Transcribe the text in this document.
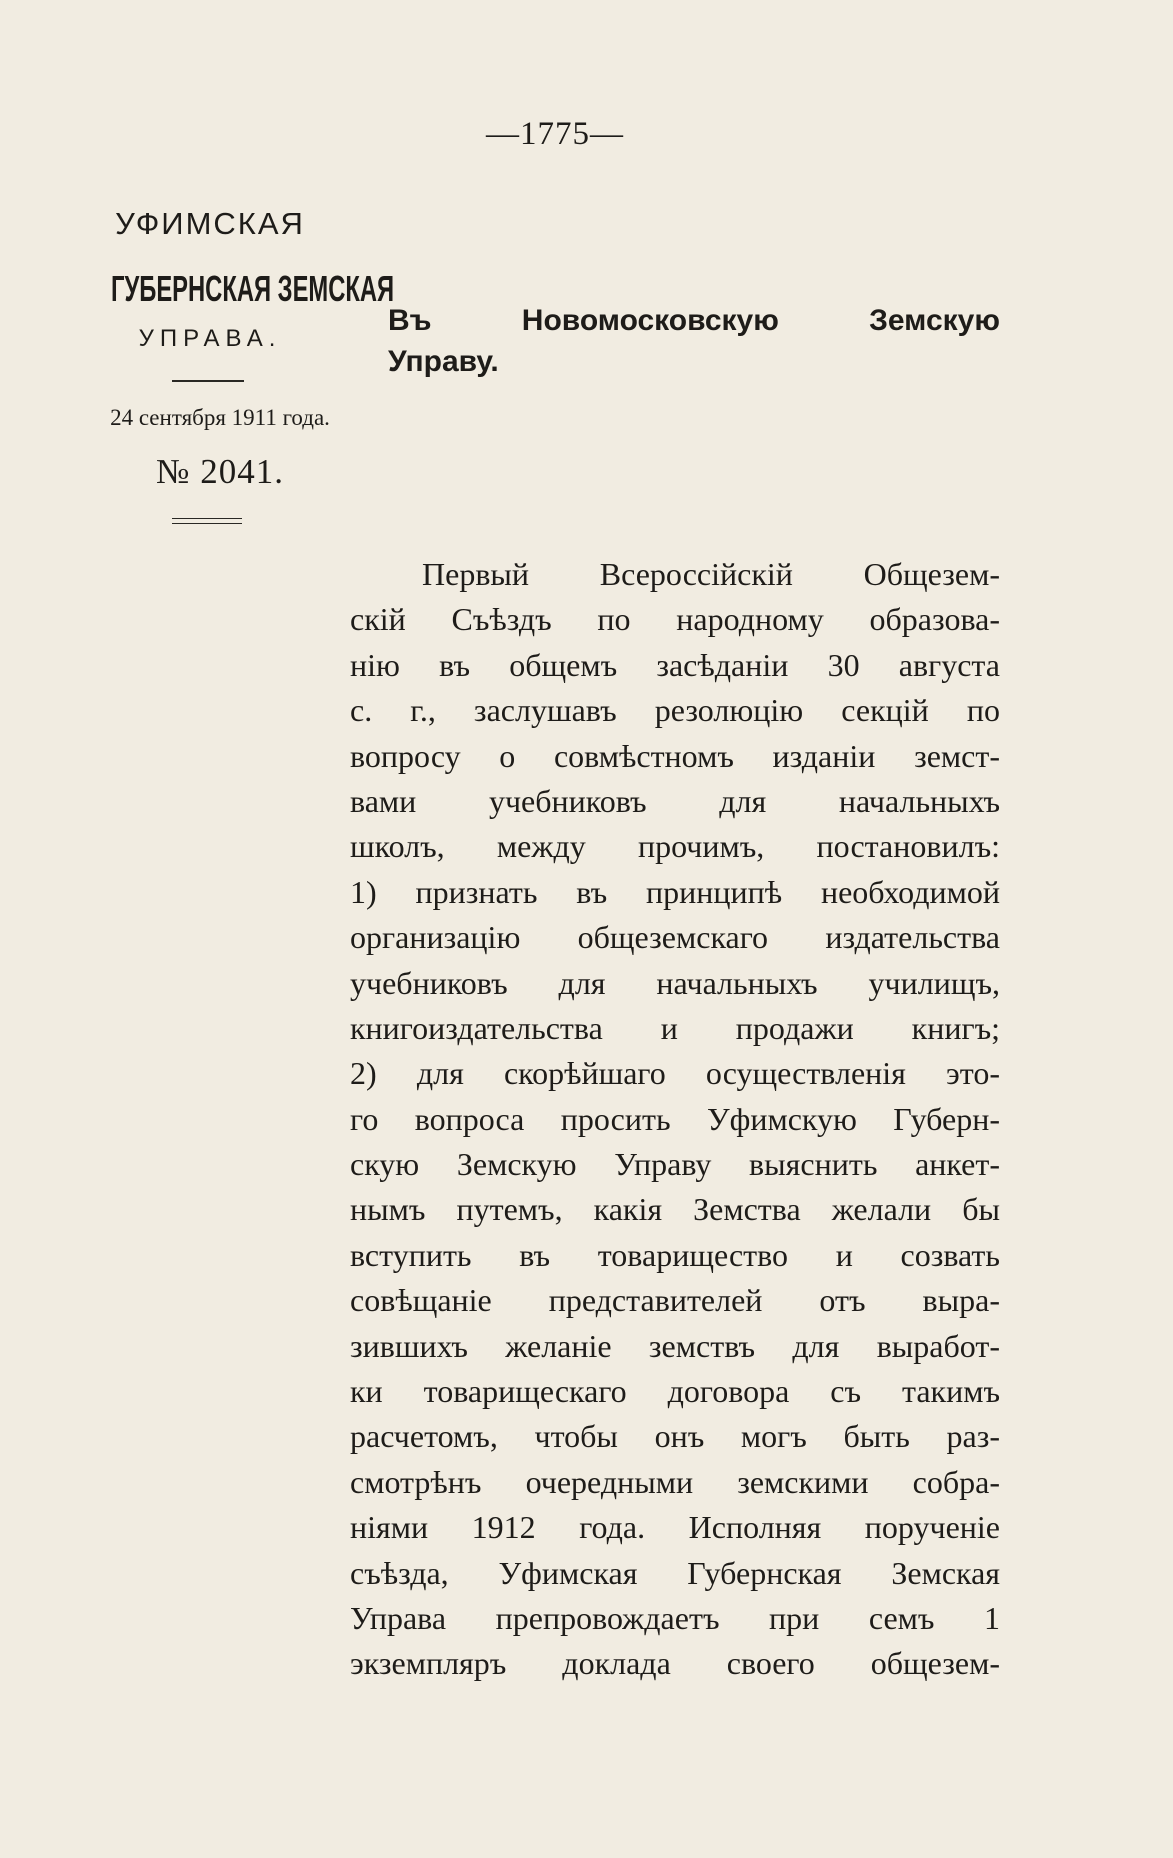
—1775—
УФИМСКАЯ
ГУБЕРНСКАЯ ЗЕМСКАЯ
УПРАВА.
24 сентября 1911 года.
№ 2041.
Въ Новомосковскую Земскую
Управу.
Первый Всероссійскій Общезем-
скій Съѣздъ по народному образова-
нію въ общемъ засѣданіи 30 августа
с. г., заслушавъ резолюцію секцій по
вопросу о совмѣстномъ изданіи земст-
вами учебниковъ для начальныхъ
школъ, между прочимъ, постановилъ:
1) признать въ принципѣ необходимой
организацію общеземскаго издательства
учебниковъ для начальныхъ училищъ,
книгоиздательства и продажи книгъ;
2) для скорѣйшаго осуществленія это-
го вопроса просить Уфимскую Губерн-
скую Земскую Управу выяснить анкет-
нымъ путемъ, какія Земства желали бы
вступить въ товарищество и созвать
совѣщаніе представителей отъ выра-
зившихъ желаніе земствъ для выработ-
ки товарищескаго договора съ такимъ
расчетомъ, чтобы онъ могъ быть раз-
смотрѣнъ очередными земскими собра-
ніями 1912 года. Исполняя порученіе
съѣзда, Уфимская Губернская Земская
Управа препровождаетъ при семъ 1
экземпляръ доклада своего общезем-
